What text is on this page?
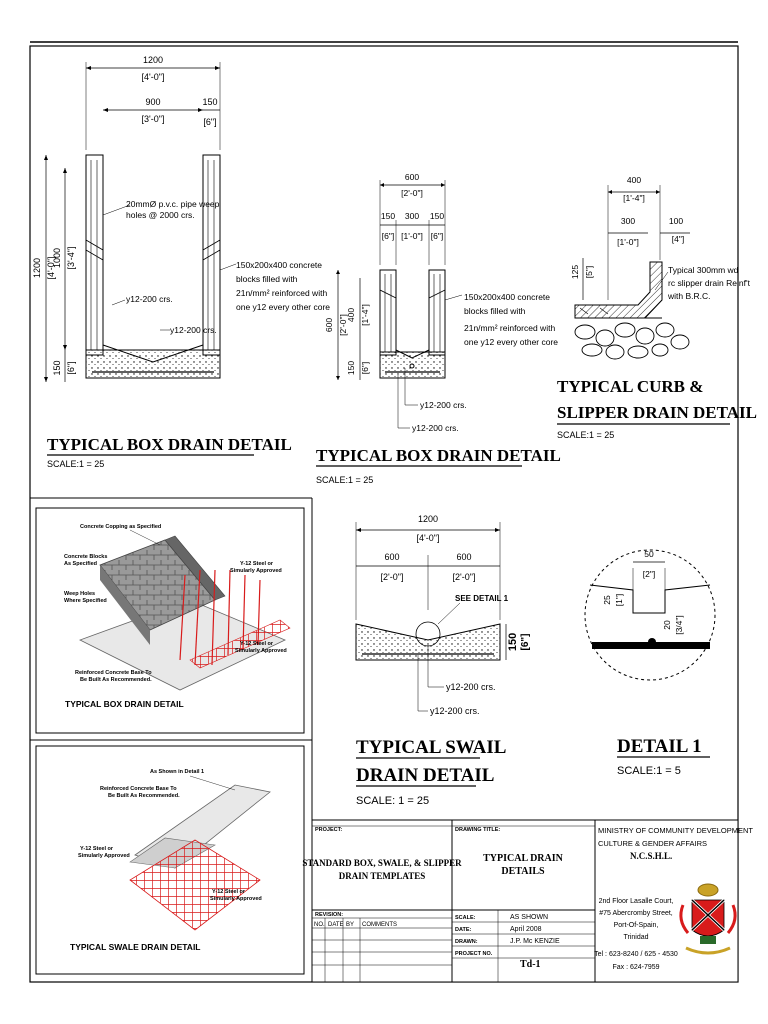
1200
[4'-0"]
900
[3'-0"]
150
[6"]
1200 [4'-0"]
1000 [3'-4"]
150 [6"]
20mmØ p.v.c. pipe weep
holes @ 2000 crs.
150x200x400 concrete
blocks filled with
21n/mm² reinforced with
one y12 every other core
y12-200 crs.
y12-200 crs.
TYPICAL BOX DRAIN DETAIL
SCALE:1 = 25
600
[2'-0"]
150
[6"]
300
[1'-0"]
150
[6"]
600 [2'-0"]
400 [1'-4"]
150 [6"]
150x200x400 concrete
blocks filled with
21n/mm² reinforced with
one y12 every other core
y12-200 crs.
y12-200 crs.
TYPICAL BOX DRAIN DETAIL
SCALE:1 = 25
400
[1'-4"]
300
[1'-0"]
100
[4"]
125 [5"]	Typical 300mm wd
rc slipper drain Reinf't
with B.R.C.
TYPICAL CURB &
SLIPPER DRAIN DETAIL
SCALE:1 = 25
Concrete Copping as Specified
Concrete Blocks
As Specified
Weep Holes
Where Specified
Y-12 Steel or
Simularly Approved
Y-12 Steel or
Simularly Approved
Reinforced Concrete Base To
Be Built As Recommended.
TYPICAL BOX DRAIN DETAIL
As Shown in Detail 1
Reinforced Concrete Base To
Be Built As Recommended.
Y-12 Steel or
Simularly Approved
Y-12 Steel or
Simularly Approved
TYPICAL SWALE DRAIN DETAIL
1200
[4'-0"]
600
[2'-0"]
600
[2'-0"]
SEE DETAIL 1
150 [6"]
y12-200 crs.
y12-200 crs.
TYPICAL SWAIL
DRAIN DETAIL
SCALE: 1 = 25
50
[2"]
25 [1"]
20 [3/4"]
DETAIL 1
SCALE:1 = 5
PROJECT:
STANDARD BOX, SWALE, & SLIPPER
DRAIN TEMPLATES
DRAWING TITLE:
TYPICAL DRAIN
DETAILS
REVISION:
NO. DATE BY COMMENTS
SCALE:
DATE:
DRAWN:
PROJECT NO.
AS SHOWN
April 2008
J.P. Mc KENZIE
Td-1
MINISTRY OF COMMUNITY DEVELOPMENT
CULTURE & GENDER AFFAIRS
N.C.S.H.L.
2nd Floor Lasalle Court,
#75 Abercromby Street,
Port-Of-Spain,
Trinidad
Tel : 623-8240 / 625 - 4530
Fax : 624-7959
